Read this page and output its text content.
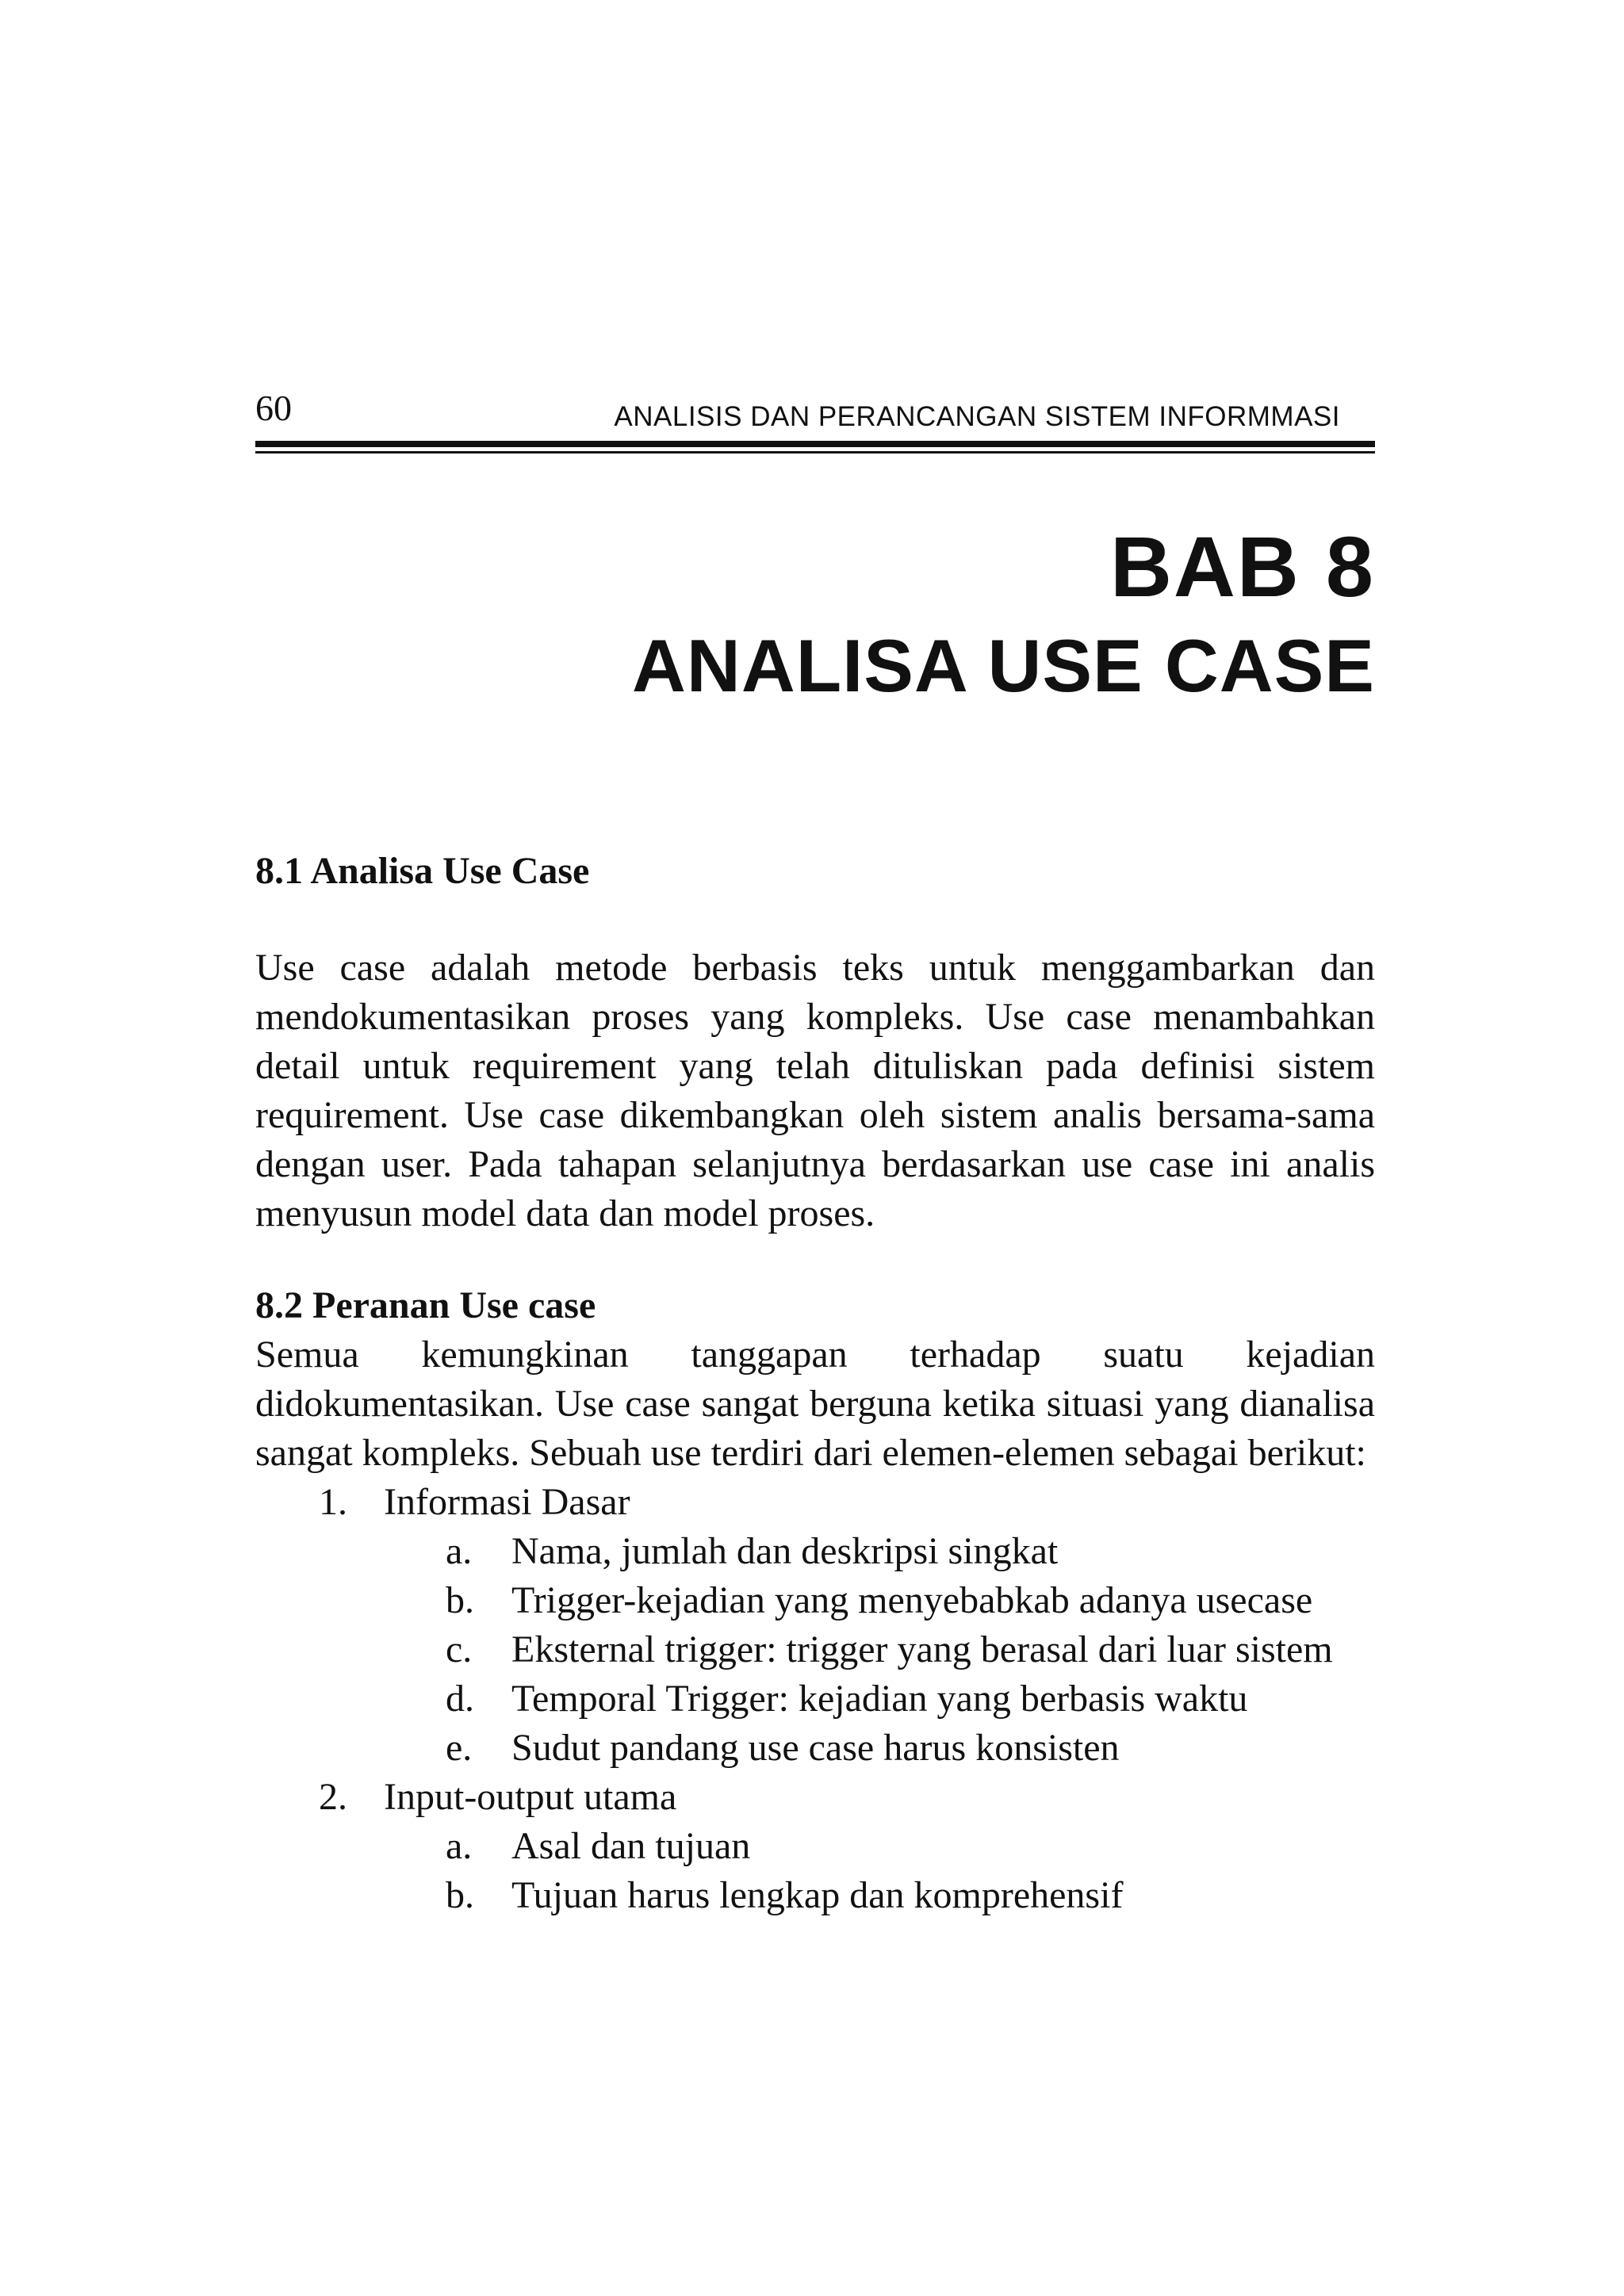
60	ANALISIS DAN PERANCANGAN SISTEM INFORMMASI
BAB 8
ANALISA USE CASE

8.1 Analisa Use Case

Use case adalah metode berbasis teks untuk menggambarkan dan mendokumentasikan proses yang kompleks. Use case menambahkan detail untuk requirement yang telah dituliskan pada definisi sistem requirement. Use case dikembangkan oleh sistem analis bersama-sama dengan user. Pada tahapan selanjutnya berdasarkan use case ini analis menyusun model data dan model proses.

8.2 Peranan Use case

Semua kemungkinan tanggapan terhadap suatu kejadian didokumentasikan. Use case sangat berguna ketika situasi yang dianalisa sangat kompleks. Sebuah use terdiri dari elemen-elemen sebagai berikut:

1. Informasi Dasar
a.	Nama, jumlah dan deskripsi singkat
b. Trigger-kejadian yang menyebabkab adanya usecase
c.	Eksternal trigger: trigger yang berasal dari luar sistem
d. Temporal Trigger: kejadian yang berbasis waktu
e.	Sudut pandang use case harus konsisten
2. Input-output utama
a.	Asal dan tujuan
b. Tujuan harus lengkap dan komprehensif
